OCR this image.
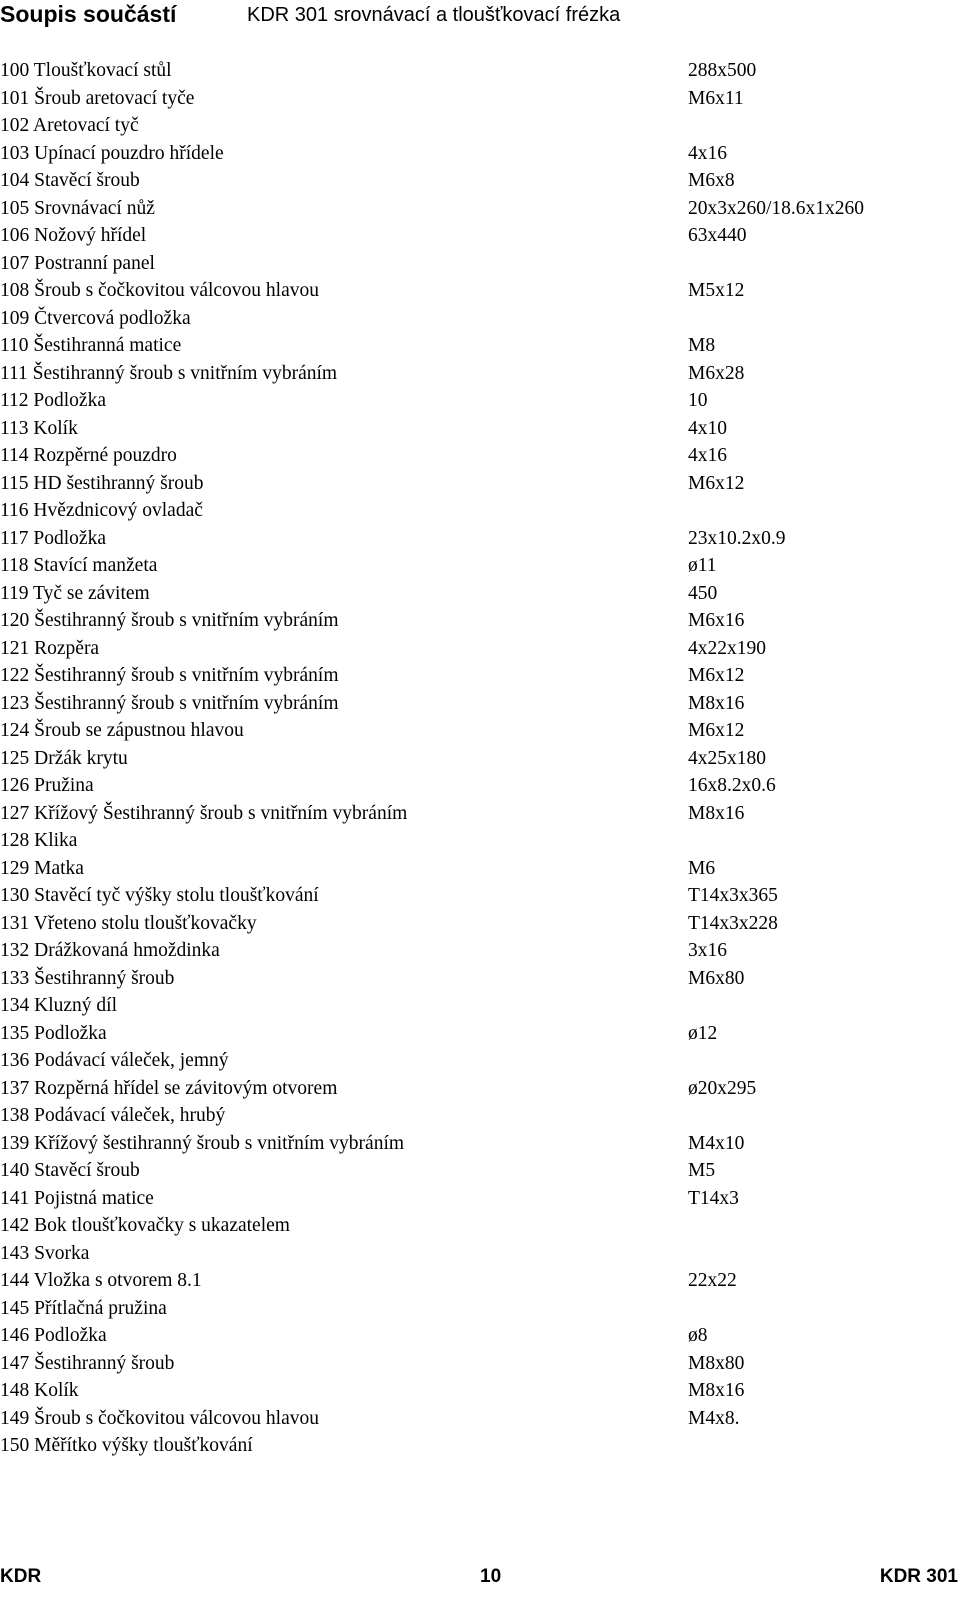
Soupis součástí	KDR 301 srovnávací a tloušťkovací frézka
100 Tloušťkovací stůl	288x500
101 Šroub aretovací tyče	M6x11
102 Aretovací tyč
103 Upínací pouzdro hřídele	4x16
104 Stavěcí šroub	M6x8
105 Srovnávací nůž	20x3x260/18.6x1x260
106 Nožový hřídel	63x440
107 Postranní panel
108 Šroub s čočkovitou válcovou hlavou	M5x12
109 Čtvercová podložka
110 Šestihranná matice	M8
111 Šestihranný šroub s vnitřním vybráním	M6x28
112 Podložka	10
113 Kolík	4x10
114 Rozpěrné pouzdro	4x16
115 HD šestihranný šroub	M6x12
116 Hvězdnicový ovladač
117 Podložka	23x10.2x0.9
118 Stavící manžeta	ø11
119 Tyč se závitem	450
120 Šestihranný šroub s vnitřním vybráním	M6x16
121 Rozpěra	4x22x190
122 Šestihranný šroub s vnitřním vybráním	M6x12
123 Šestihranný šroub s vnitřním vybráním	M8x16
124 Šroub se zápustnou hlavou	M6x12
125 Držák krytu	4x25x180
126 Pružina	16x8.2x0.6
127 Křížový Šestihranný šroub s vnitřním vybráním	M8x16
128 Klika
129 Matka	M6
130 Stavěcí tyč výšky stolu tloušťkování	T14x3x365
131 Vřeteno stolu tloušťkovačky	T14x3x228
132 Drážkovaná hmoždinka	3x16
133 Šestihranný šroub	M6x80
134 Kluzný díl
135 Podložka	ø12
136 Podávací váleček, jemný
137 Rozpěrná hřídel se závitovým otvorem	ø20x295
138 Podávací váleček, hrubý
139 Křížový šestihranný šroub s vnitřním vybráním	M4x10
140 Stavěcí šroub	M5
141 Pojistná matice	T14x3
142 Bok tloušťkovačky s ukazatelem
143 Svorka
144 Vložka s otvorem 8.1	22x22
145 Přítlačná pružina
146 Podložka	ø8
147 Šestihranný šroub	M8x80
148 Kolík	M8x16
149 Šroub s čočkovitou válcovou hlavou	M4x8.
150 Měřítko výšky tloušťkování
KDR	10	KDR 301
